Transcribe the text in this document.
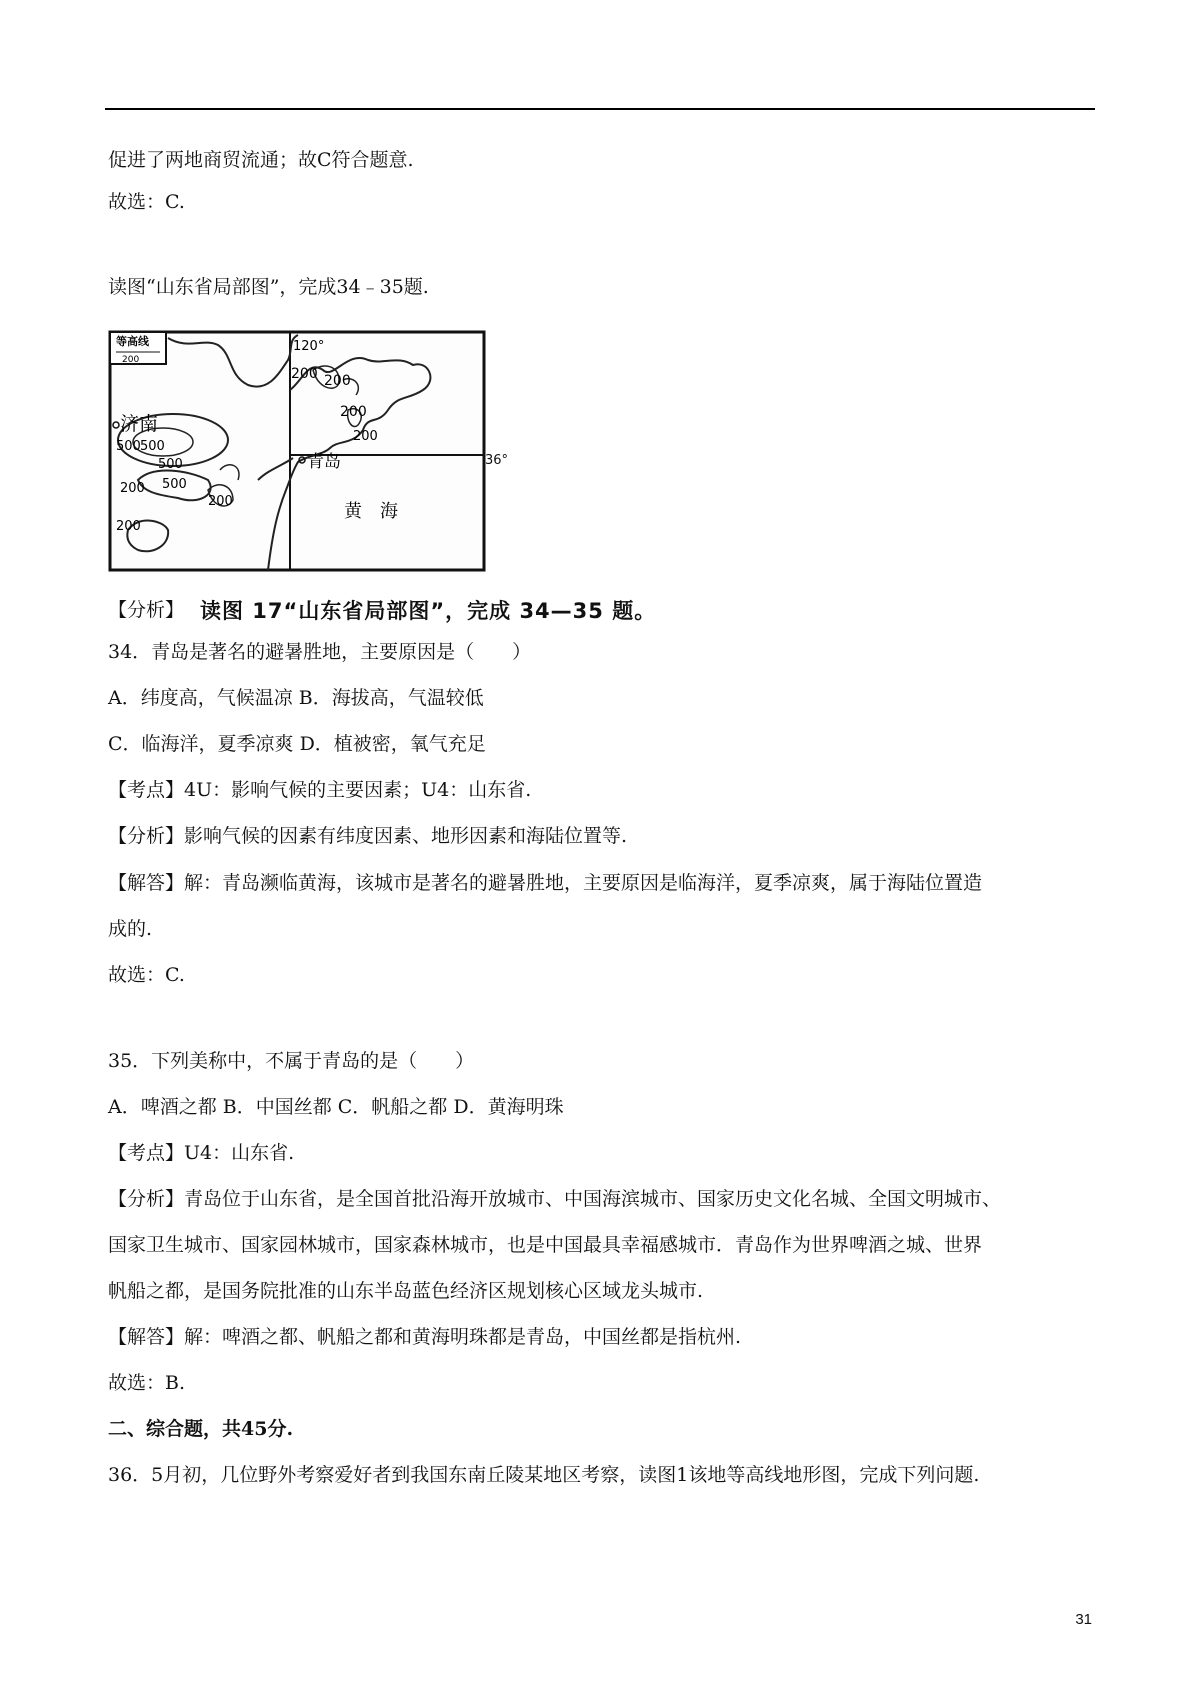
促进了两地商贸流通；故C符合题意.
故选：C.
读图“山东省局部图”，完成34﹣35题.
等高线
200
200 200
200
500 500
500
500
200
200
200
200
济南
青岛
黄　海
120°
36°
【分析】 读图 17“山东省局部图”，完成 34—35 题。
34．青岛是著名的避暑胜地，主要原因是（　　）
A．纬度高，气候温凉 B．海拔高，气温较低
C．临海洋，夏季凉爽 D．植被密，氧气充足
【考点】4U：影响气候的主要因素；U4：山东省.
【分析】影响气候的因素有纬度因素、地形因素和海陆位置等.
【解答】解：青岛濒临黄海，该城市是著名的避暑胜地，主要原因是临海洋，夏季凉爽，属于海陆位置造
成的.
故选：C.
35．下列美称中，不属于青岛的是（　　）
A．啤酒之都 B．中国丝都 C．帆船之都 D．黄海明珠
【考点】U4：山东省.
【分析】青岛位于山东省，是全国首批沿海开放城市、中国海滨城市、国家历史文化名城、全国文明城市、
国家卫生城市、国家园林城市，国家森林城市，也是中国最具幸福感城市．青岛作为世界啤酒之城、世界
帆船之都，是国务院批准的山东半岛蓝色经济区规划核心区域龙头城市.
【解答】解：啤酒之都、帆船之都和黄海明珠都是青岛，中国丝都是指杭州.
故选：B.
二、综合题，共45分.
36．5月初，几位野外考察爱好者到我国东南丘陵某地区考察，读图1该地等高线地形图，完成下列问题.
31
